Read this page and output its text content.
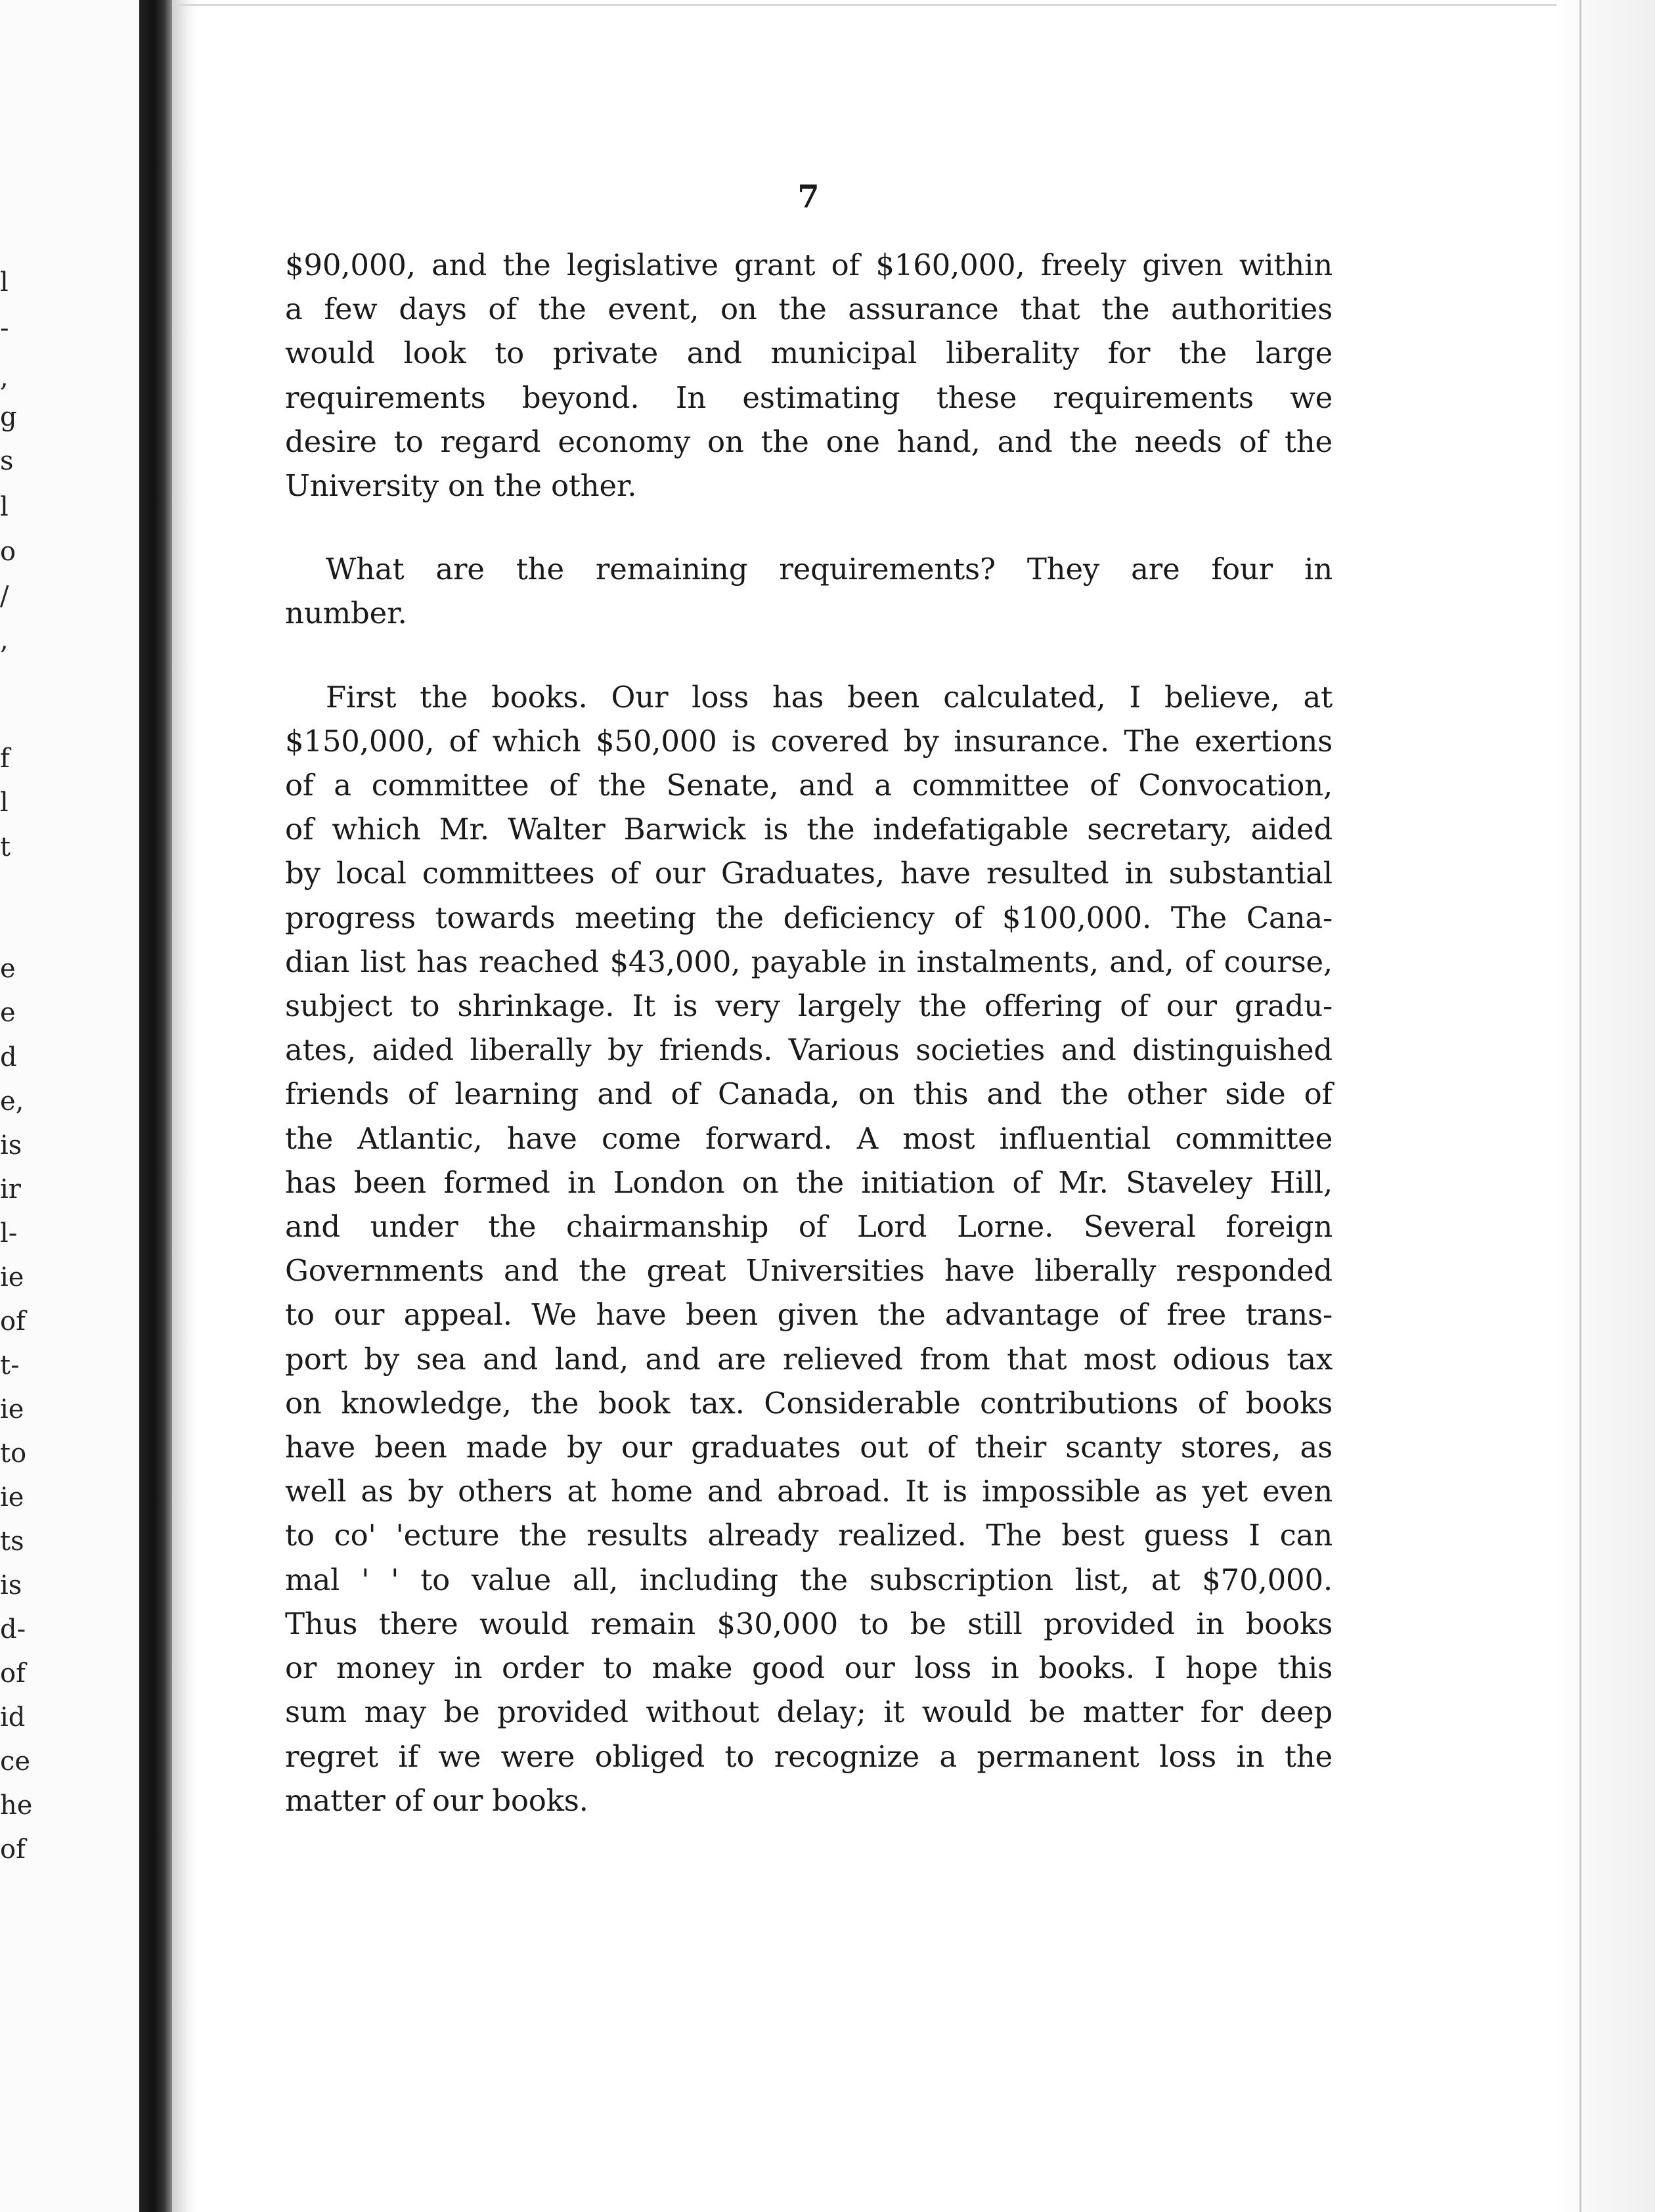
l
-
,
g
s
l
o
/
,
f
l
t
e
e
d
e,
is
ir
l-
ie
of
t-
ie
to
ie
ts
is
d-
of
id
ce
he
of
7
$90,000, and the legislative grant of $160,000, freely given within
a few days of the event, on the assurance that the authorities
would look to private and municipal liberality for the large
requirements beyond. In estimating these requirements we
desire to regard economy on the one hand, and the needs of the
University on the other.
What are the remaining requirements? They are four in
number.
First the books. Our loss has been calculated, I believe, at
$150,000, of which $50,000 is covered by insurance. The exertions
of a committee of the Senate, and a committee of Convocation,
of which Mr. Walter Barwick is the indefatigable secretary, aided
by local committees of our Graduates, have resulted in substantial
progress towards meeting the deficiency of $100,000. The Cana-
dian list has reached $43,000, payable in instalments, and, of course,
subject to shrinkage. It is very largely the offering of our gradu-
ates, aided liberally by friends. Various societies and distinguished
friends of learning and of Canada, on this and the other side of
the Atlantic, have come forward. A most influential committee
has been formed in London on the initiation of Mr. Staveley Hill,
and under the chairmanship of Lord Lorne. Several foreign
Governments and the great Universities have liberally responded
to our appeal. We have been given the advantage of free trans-
port by sea and land, and are relieved from that most odious tax
on knowledge, the book tax. Considerable contributions of books
have been made by our graduates out of their scanty stores, as
well as by others at home and abroad. It is impossible as yet even
to co' 'ecture the results already realized. The best guess I can
mal ' ' to value all, including the subscription list, at $70,000.
Thus there would remain $30,000 to be still provided in books
or money in order to make good our loss in books. I hope this
sum may be provided without delay; it would be matter for deep
regret if we were obliged to recognize a permanent loss in the
matter of our books.
